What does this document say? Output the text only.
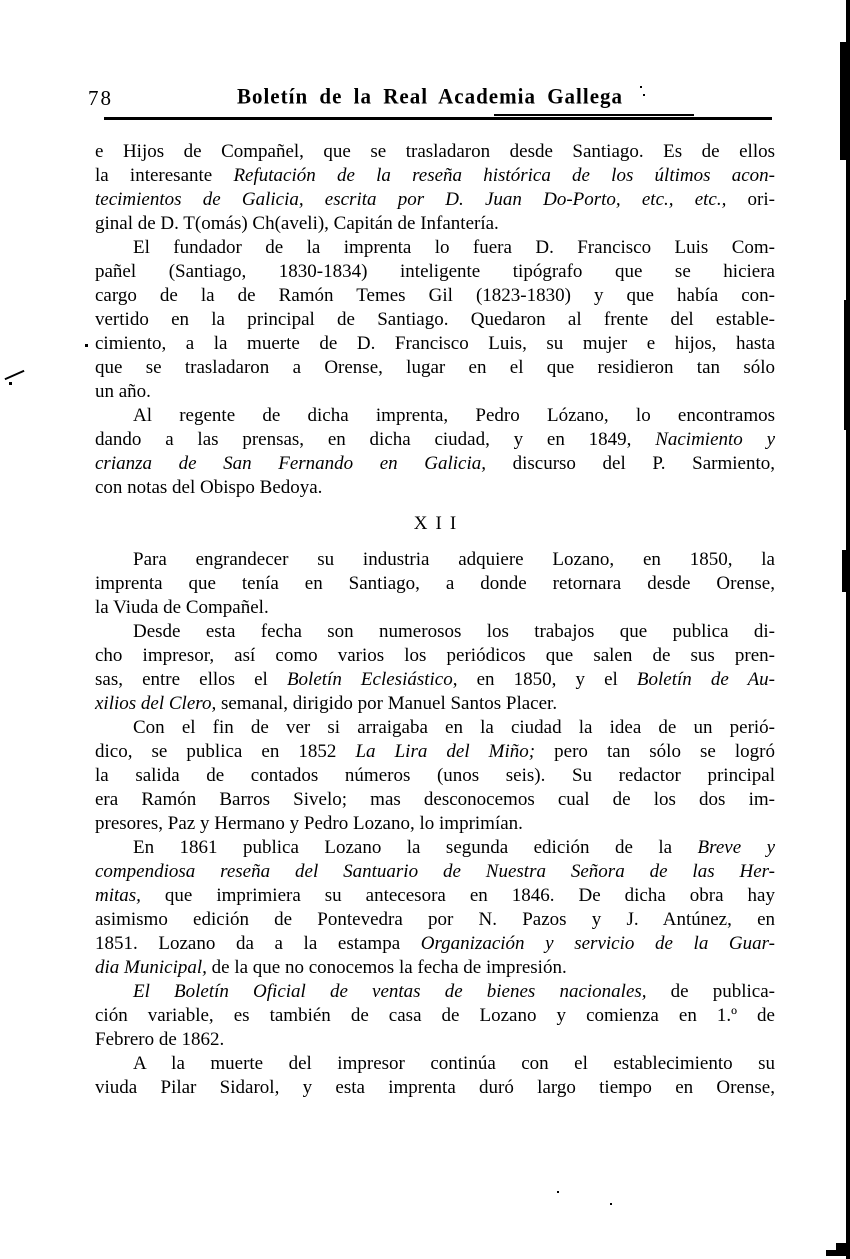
78	Boletín de la Real Academia Gallega
e Hijos de Compañel, que se trasladaron desde Santiago. Es de ellos
la interesante Refutación de la reseña histórica de los últimos acon-
tecimientos de Galicia, escrita por D. Juan Do-Porto, etc., etc., ori-
ginal de D. T(omás) Ch(aveli), Capitán de Infantería.
El fundador de la imprenta lo fuera D. Francisco Luis Com-
pañel (Santiago, 1830-1834) inteligente tipógrafo que se hiciera
cargo de la de Ramón Temes Gil (1823-1830) y que había con-
vertido en la principal de Santiago. Quedaron al frente del estable-
cimiento, a la muerte de D. Francisco Luis, su mujer e hijos, hasta
que se trasladaron a Orense, lugar en el que residieron tan sólo
un año.
Al regente de dicha imprenta, Pedro Lózano, lo encontramos
dando a las prensas, en dicha ciudad, y en 1849, Nacimiento y
crianza de San Fernando en Galicia, discurso del P. Sarmiento,
con notas del Obispo Bedoya.
XII
Para engrandecer su industria adquiere Lozano, en 1850, la
imprenta que tenía en Santiago, a donde retornara desde Orense,
la Viuda de Compañel.
Desde esta fecha son numerosos los trabajos que publica di-
cho impresor, así como varios los periódicos que salen de sus pren-
sas, entre ellos el Boletín Eclesiástico, en 1850, y el Boletín de Au-
xilios del Clero, semanal, dirigido por Manuel Santos Placer.
Con el fin de ver si arraigaba en la ciudad la idea de un perió-
dico, se publica en 1852 La Lira del Miño; pero tan sólo se logró
la salida de contados números (unos seis). Su redactor principal
era Ramón Barros Sivelo; mas desconocemos cual de los dos im-
presores, Paz y Hermano y Pedro Lozano, lo imprimían.
En 1861 publica Lozano la segunda edición de la Breve y
compendiosa reseña del Santuario de Nuestra Señora de las Her-
mitas, que imprimiera su antecesora en 1846. De dicha obra hay
asimismo edición de Pontevedra por N. Pazos y J. Antúnez, en
1851. Lozano da a la estampa Organización y servicio de la Guar-
dia Municipal, de la que no conocemos la fecha de impresión.
El Boletín Oficial de ventas de bienes nacionales, de publica-
ción variable, es también de casa de Lozano y comienza en 1.º de
Febrero de 1862.
A la muerte del impresor continúa con el establecimiento su
viuda Pilar Sidarol, y esta imprenta duró largo tiempo en Orense,
